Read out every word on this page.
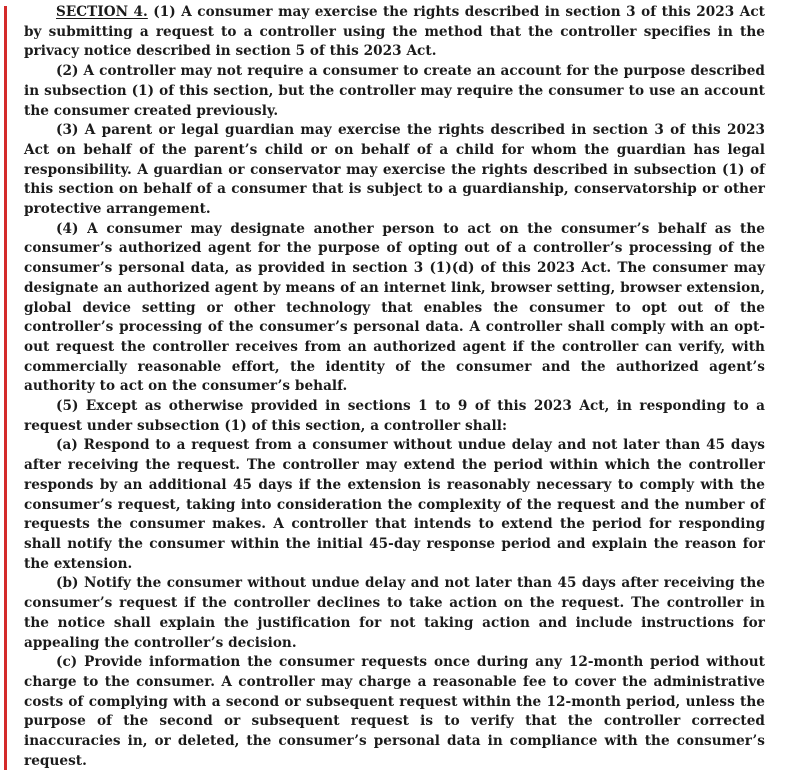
SECTION 4. (1) A consumer may exercise the rights described in section 3 of this 2023 Act by submitting a request to a controller using the method that the controller specifies in the privacy notice described in section 5 of this 2023 Act.

(2) A controller may not require a consumer to create an account for the purpose described in subsection (1) of this section, but the controller may require the consumer to use an account the consumer created previously.

(3) A parent or legal guardian may exercise the rights described in section 3 of this 2023 Act on behalf of the parent’s child or on behalf of a child for whom the guardian has legal responsibility. A guardian or conservator may exercise the rights described in subsection (1) of this section on behalf of a consumer that is subject to a guardianship, conservatorship or other protective arrangement.

(4) A consumer may designate another person to act on the consumer’s behalf as the consumer’s authorized agent for the purpose of opting out of a controller’s processing of the consumer’s personal data, as provided in section 3 (1)(d) of this 2023 Act. The consumer may designate an authorized agent by means of an internet link, browser setting, browser extension, global device setting or other technology that enables the consumer to opt out of the controller’s processing of the consumer’s personal data. A controller shall comply with an opt-out request the controller receives from an authorized agent if the controller can verify, with commercially reasonable effort, the identity of the consumer and the authorized agent’s authority to act on the consumer’s behalf.

(5) Except as otherwise provided in sections 1 to 9 of this 2023 Act, in responding to a request under subsection (1) of this section, a controller shall:

(a) Respond to a request from a consumer without undue delay and not later than 45 days after receiving the request. The controller may extend the period within which the controller responds by an additional 45 days if the extension is reasonably necessary to comply with the consumer’s request, taking into consideration the complexity of the request and the number of requests the consumer makes. A controller that intends to extend the period for responding shall notify the consumer within the initial 45-day response period and explain the reason for the extension.

(b) Notify the consumer without undue delay and not later than 45 days after receiving the consumer’s request if the controller declines to take action on the request. The controller in the notice shall explain the justification for not taking action and include instructions for appealing the controller’s decision.

(c) Provide information the consumer requests once during any 12-month period without charge to the consumer. A controller may charge a reasonable fee to cover the administrative costs of complying with a second or subsequent request within the 12-month period, unless the purpose of the second or subsequent request is to verify that the controller corrected inaccuracies in, or deleted, the consumer’s personal data in compliance with the consumer’s request.
